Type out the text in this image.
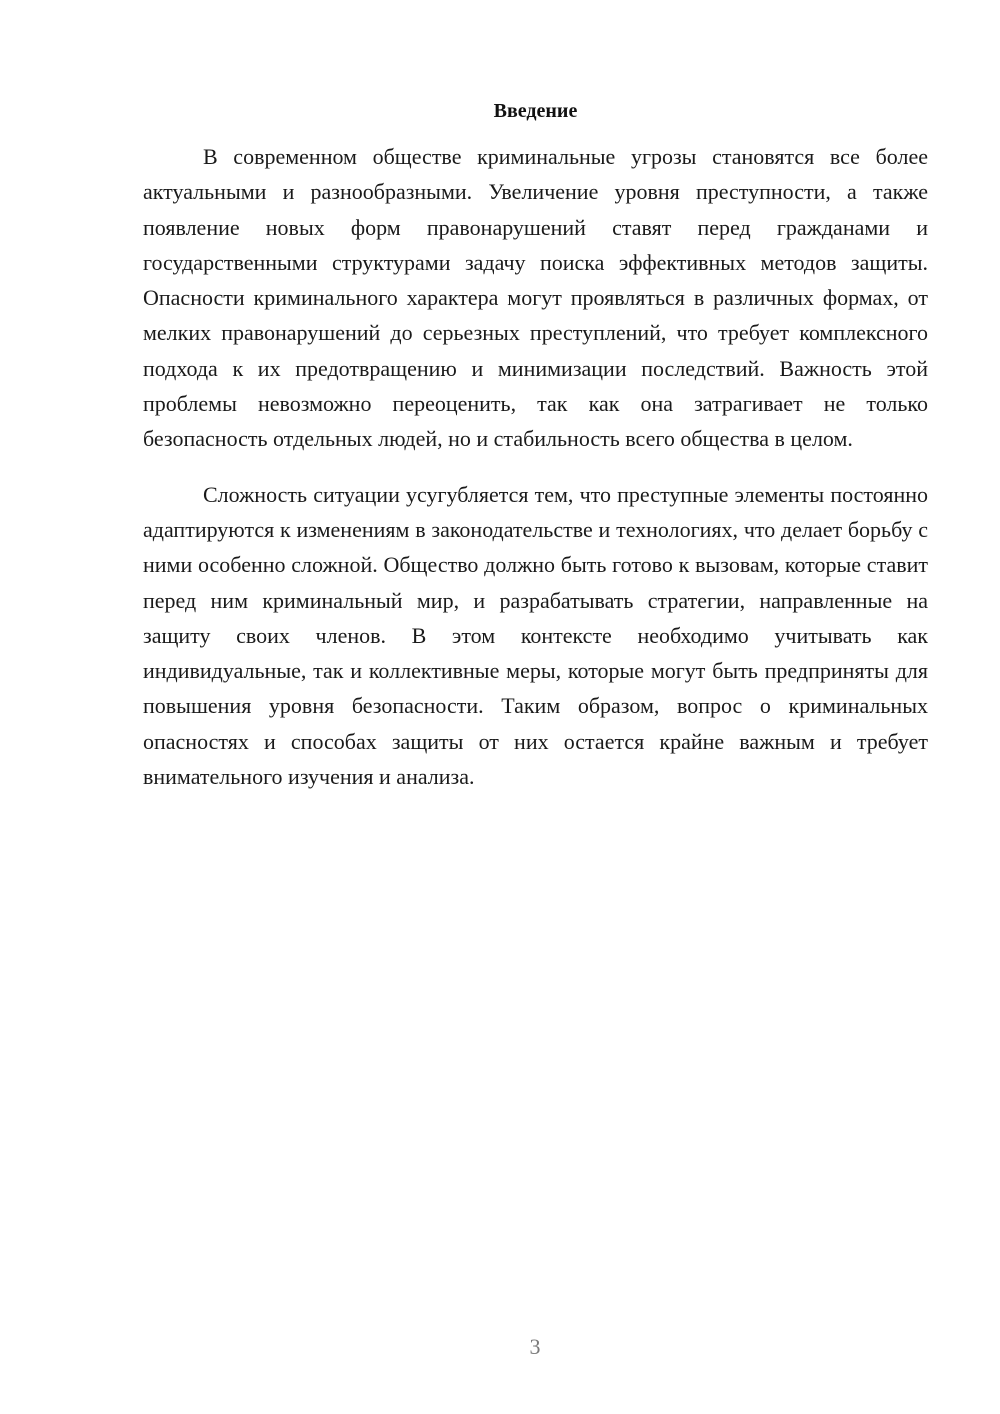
Введение

В современном обществе криминальные угрозы становятся все более актуальными и разнообразными. Увеличение уровня преступности, а также появление новых форм правонарушений ставят перед гражданами и государственными структурами задачу поиска эффективных методов защиты. Опасности криминального характера могут проявляться в различных формах, от мелких правонарушений до серьезных преступлений, что требует комплексного подхода к их предотвращению и минимизации последствий. Важность этой проблемы невозможно переоценить, так как она затрагивает не только безопасность отдельных людей, но и стабильность всего общества в целом.

Сложность ситуации усугубляется тем, что преступные элементы постоянно адаптируются к изменениям в законодательстве и технологиях, что делает борьбу с ними особенно сложной. Общество должно быть готово к вызовам, которые ставит перед ним криминальный мир, и разрабатывать стратегии, направленные на защиту своих членов. В этом контексте необходимо учитывать как индивидуальные, так и коллективные меры, которые могут быть предприняты для повышения уровня безопасности. Таким образом, вопрос о криминальных опасностях и способах защиты от них остается крайне важным и требует внимательного изучения и анализа.

3
